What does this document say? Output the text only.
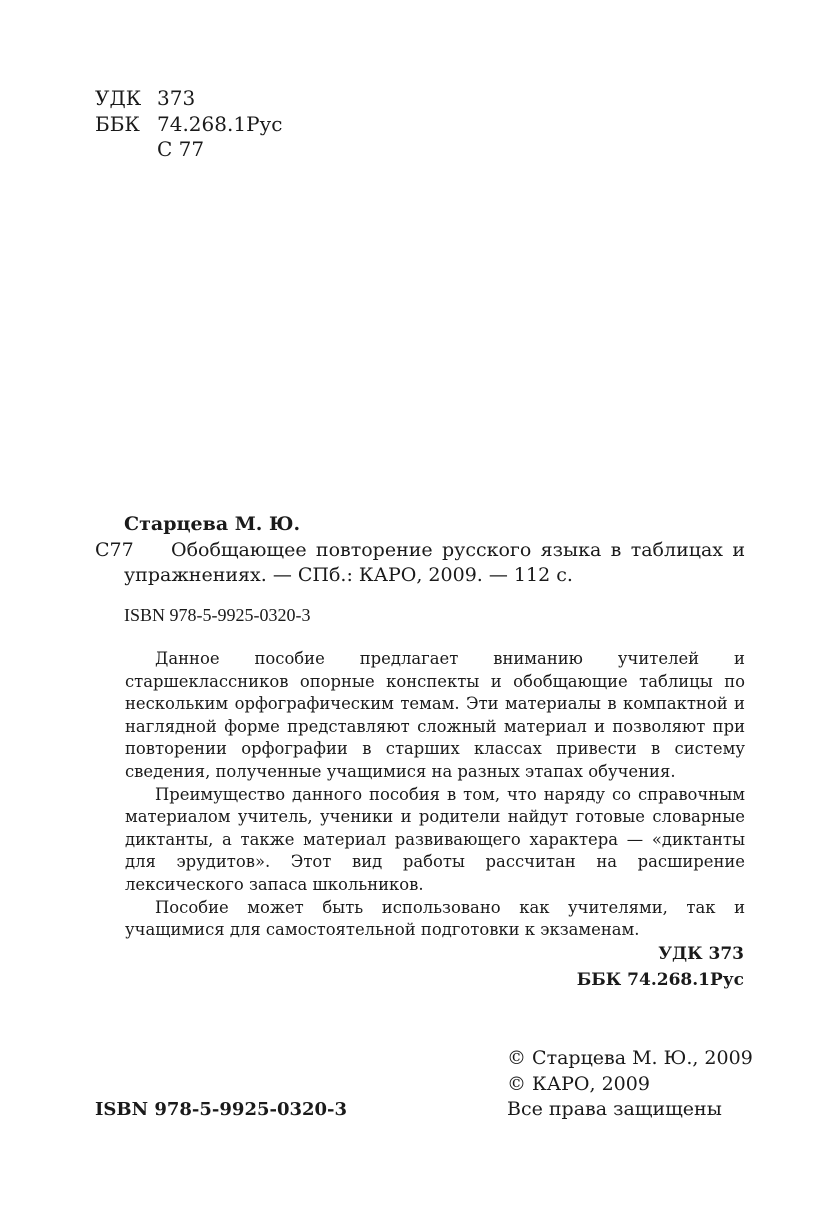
УДК 373
ББК 74.268.1Рус
С 77
Старцева М. Ю.
С77 Обобщающее повторение русского языка в таблицах и
упражнениях. — СПб.: КАРО, 2009. — 112 с.
ISBN 978-5-9925-0320-3

Данное пособие предлагает вниманию учителей и старшеклассников опорные конспекты и обобщающие таблицы по нескольким орфографическим темам. Эти материалы в компактной и наглядной форме представляют сложный материал и позволяют при повторении орфографии в старших классах привести в систему сведения, полученные учащимися на разных этапах обучения.

Преимущество данного пособия в том, что наряду со справочным материалом учитель, ученики и родители найдут готовые словарные диктанты, а также материал развивающего характера — «диктанты для эрудитов». Этот вид работы рассчитан на расширение лексического запаса школьников.

Пособие может быть использовано как учителями, так и учащимися для самостоятельной подготовки к экзаменам.

УДК 373
ББК 74.268.1Рус
© Старцева М. Ю., 2009
© КАРО, 2009
Все права защищены
ISBN 978-5-9925-0320-3
